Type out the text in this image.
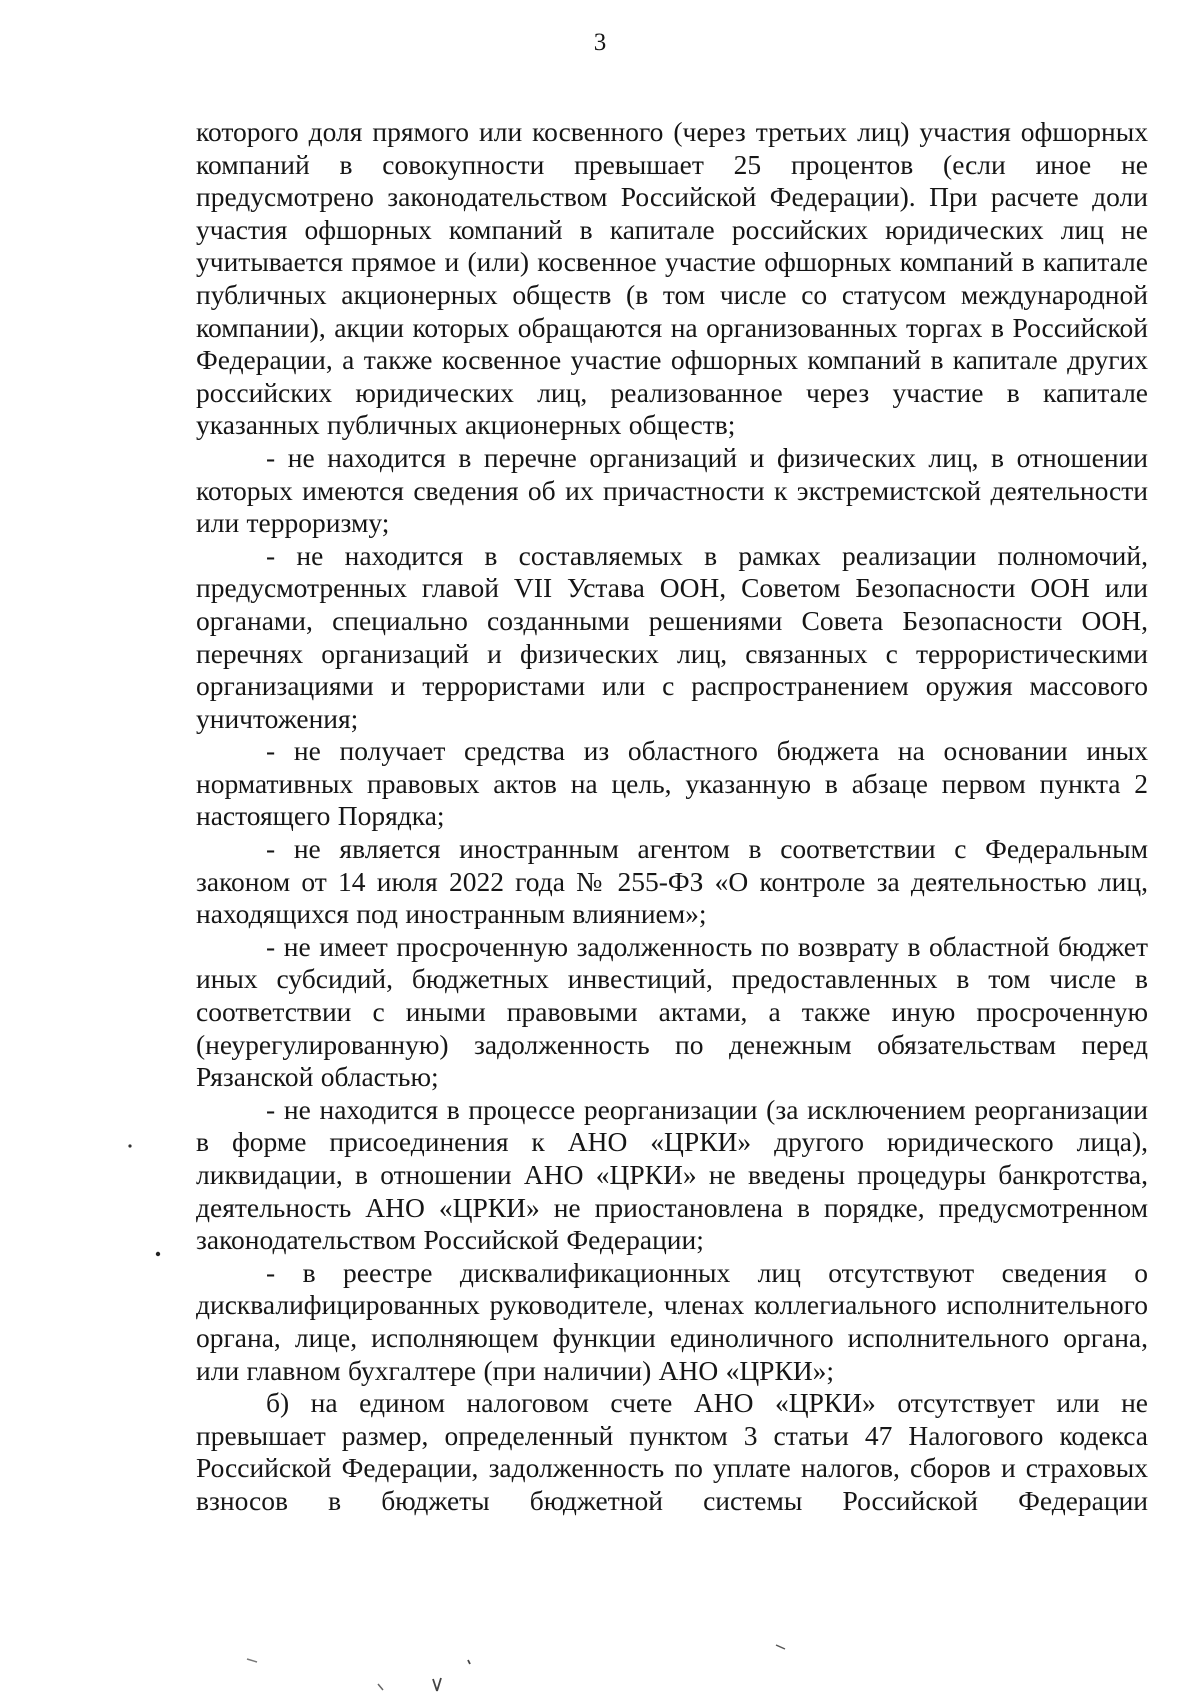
3

которого доля прямого или косвенного (через третьих лиц) участия офшорных компаний в совокупности превышает 25 процентов (если иное не предусмотрено законодательством Российской Федерации). При расчете доли участия офшорных компаний в капитале российских юридических лиц не учитывается прямое и (или) косвенное участие офшорных компаний в капитале публичных акционерных обществ (в том числе со статусом международной компании), акции которых обращаются на организованных торгах в Российской Федерации, а также косвенное участие офшорных компаний в капитале других российских юридических лиц, реализованное через участие в капитале указанных публичных акционерных обществ;

- не находится в перечне организаций и физических лиц, в отношении которых имеются сведения об их причастности к экстремистской деятельности или терроризму;

- не находится в составляемых в рамках реализации полномочий, предусмотренных главой VII Устава ООН, Советом Безопасности ООН или органами, специально созданными решениями Совета Безопасности ООН, перечнях организаций и физических лиц, связанных с террористическими организациями и террористами или с распространением оружия массового уничтожения;

- не получает средства из областного бюджета на основании иных нормативных правовых актов на цель, указанную в абзаце первом пункта 2 настоящего Порядка;

- не является иностранным агентом в соответствии с Федеральным законом от 14 июля 2022 года № 255-ФЗ «О контроле за деятельностью лиц, находящихся под иностранным влиянием»;

- не имеет просроченную задолженность по возврату в областной бюджет иных субсидий, бюджетных инвестиций, предоставленных в том числе в соответствии с иными правовыми актами, а также иную просроченную (неурегулированную) задолженность по денежным обязательствам перед Рязанской областью;

- не находится в процессе реорганизации (за исключением реорганизации в форме присоединения к АНО «ЦРКИ» другого юридического лица), ликвидации, в отношении АНО «ЦРКИ» не введены процедуры банкротства, деятельность АНО «ЦРКИ» не приостановлена в порядке, предусмотренном законодательством Российской Федерации;

- в реестре дисквалификационных лиц отсутствуют сведения о дисквалифицированных руководителе, членах коллегиального исполнительного органа, лице, исполняющем функции единоличного исполнительного органа, или главном бухгалтере (при наличии) АНО «ЦРКИ»;

б) на едином налоговом счете АНО «ЦРКИ» отсутствует или не превышает размер, определенный пунктом 3 статьи 47 Налогового кодекса Российской Федерации, задолженность по уплате налогов, сборов и страховых взносов в бюджеты бюджетной системы Российской Федерации
